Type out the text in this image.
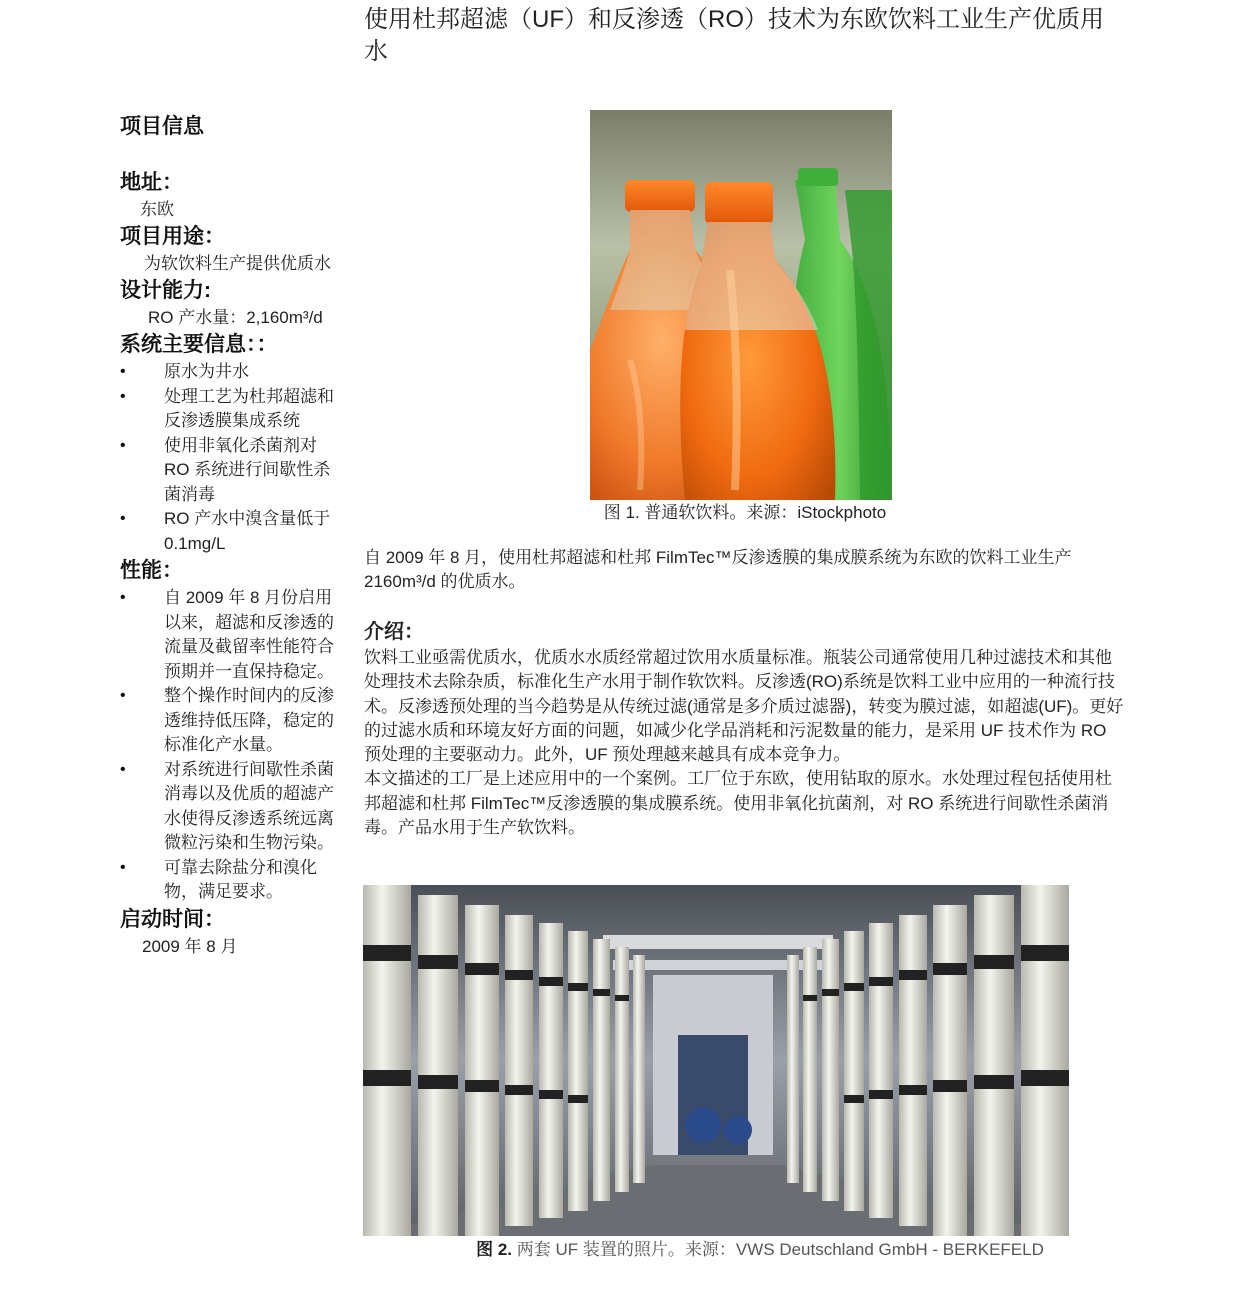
使用杜邦超滤（UF）和反渗透（RO）技术为东欧饮料工业生产优质用水
项目信息
地址：
东欧
项目用途：
为软饮料生产提供优质水
设计能力:
RO 产水量：2,160m³/d
系统主要信息：：
• 原水为井水
• 处理工艺为杜邦超滤和反渗透膜集成系统
• 使用非氧化杀菌剂对 RO 系统进行间歇性杀菌消毒
• RO 产水中溴含量低于 0.1mg/L
性能：
• 自 2009 年 8 月份启用以来，超滤和反渗透的流量及截留率性能符合预期并一直保持稳定。
• 整个操作时间内的反渗透维持低压降，稳定的标准化产水量。
• 对系统进行间歇性杀菌消毒以及优质的超滤产水使得反渗透系统远离微粒污染和生物污染。
• 可靠去除盐分和溴化物，满足要求。
启动时间：
2009 年 8 月
图 1. 普通软饮料。来源：iStockphoto

自 2009 年 8 月，使用杜邦超滤和杜邦 FilmTec™反渗透膜的集成膜系统为东欧的饮料工业生产 2160m³/d 的优质水。

介绍：

饮料工业亟需优质水，优质水水质经常超过饮用水质量标准。瓶装公司通常使用几种过滤技术和其他处理技术去除杂质，标准化生产水用于制作软饮料。反渗透(RO)系统是饮料工业中应用的一种流行技术。反渗透预处理的当今趋势是从传统过滤(通常是多介质过滤器)，转变为膜过滤，如超滤(UF)。更好的过滤水质和环境友好方面的问题，如减少化学品消耗和污泥数量的能力，是采用 UF 技术作为 RO 预处理的主要驱动力。此外，UF 预处理越来越具有成本竞争力。

本文描述的工厂是上述应用中的一个案例。工厂位于东欧，使用钻取的原水。水处理过程包括使用杜邦超滤和杜邦 FilmTec™反渗透膜的集成膜系统。使用非氧化抗菌剂，对 RO 系统进行间歇性杀菌消毒。产品水用于生产软饮料。

图 2. 两套 UF 装置的照片。来源：VWS Deutschland GmbH - BERKEFELD
